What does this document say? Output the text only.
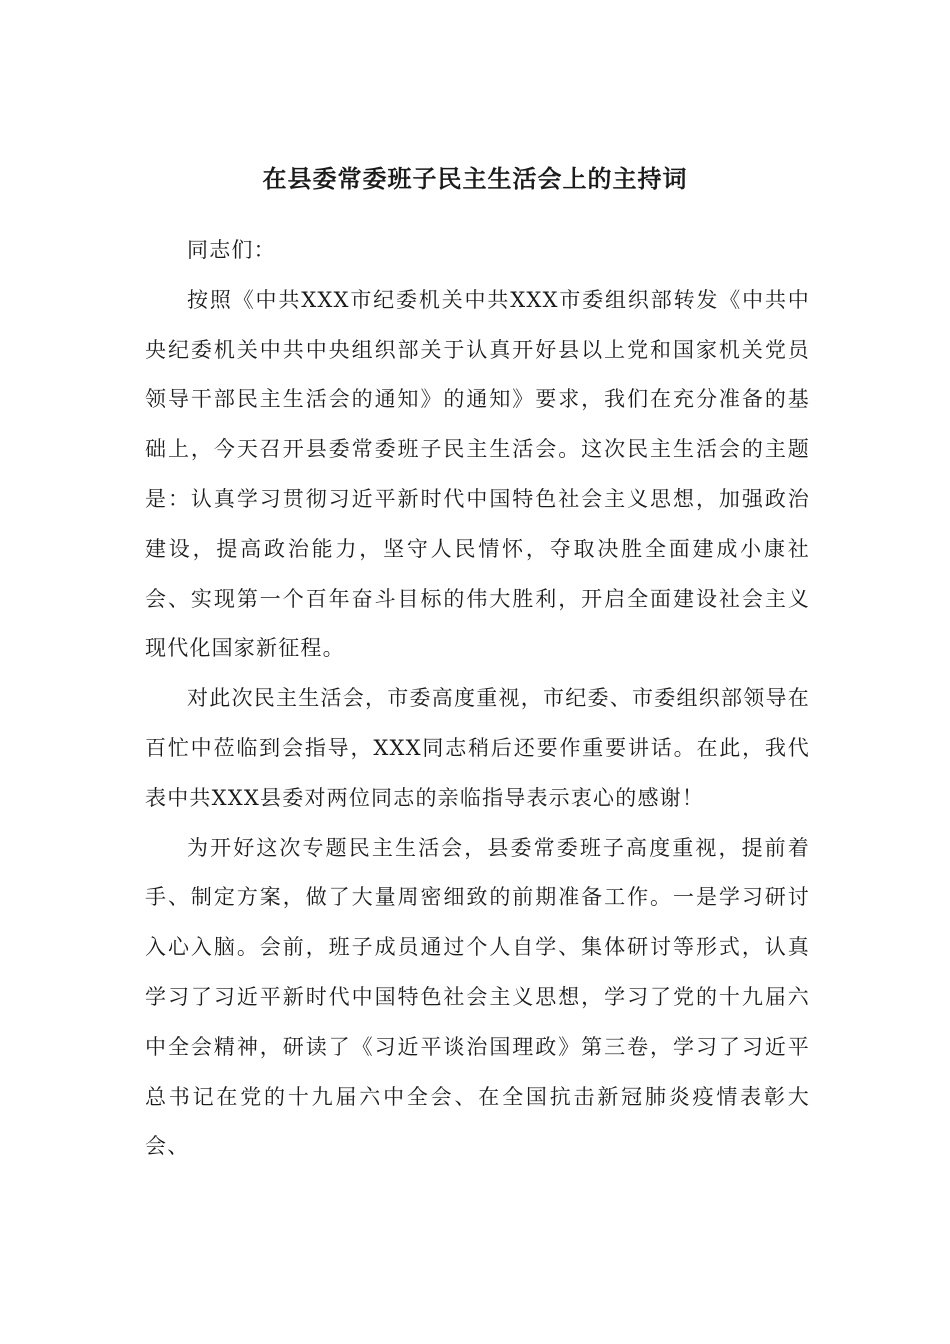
在县委常委班子民主生活会上的主持词

同志们：

按照《中共XXX市纪委机关中共XXX市委组织部转发《中共中央纪委机关中共中央组织部关于认真开好县以上党和国家机关党员领导干部民主生活会的通知》的通知》要求，我们在充分准备的基础上，今天召开县委常委班子民主生活会。这次民主生活会的主题是：认真学习贯彻习近平新时代中国特色社会主义思想，加强政治建设，提高政治能力，坚守人民情怀，夺取决胜全面建成小康社会、实现第一个百年奋斗目标的伟大胜利，开启全面建设社会主义现代化国家新征程。

对此次民主生活会，市委高度重视，市纪委、市委组织部领导在百忙中莅临到会指导，XXX同志稍后还要作重要讲话。在此，我代表中共XXX县委对两位同志的亲临指导表示衷心的感谢！

为开好这次专题民主生活会，县委常委班子高度重视，提前着手、制定方案，做了大量周密细致的前期准备工作。一是学习研讨入心入脑。会前，班子成员通过个人自学、集体研讨等形式，认真学习了习近平新时代中国特色社会主义思想，学习了党的十九届六中全会精神，研读了《习近平谈治国理政》第三卷，学习了习近平总书记在党的十九届六中全会、在全国抗击新冠肺炎疫情表彰大会、
